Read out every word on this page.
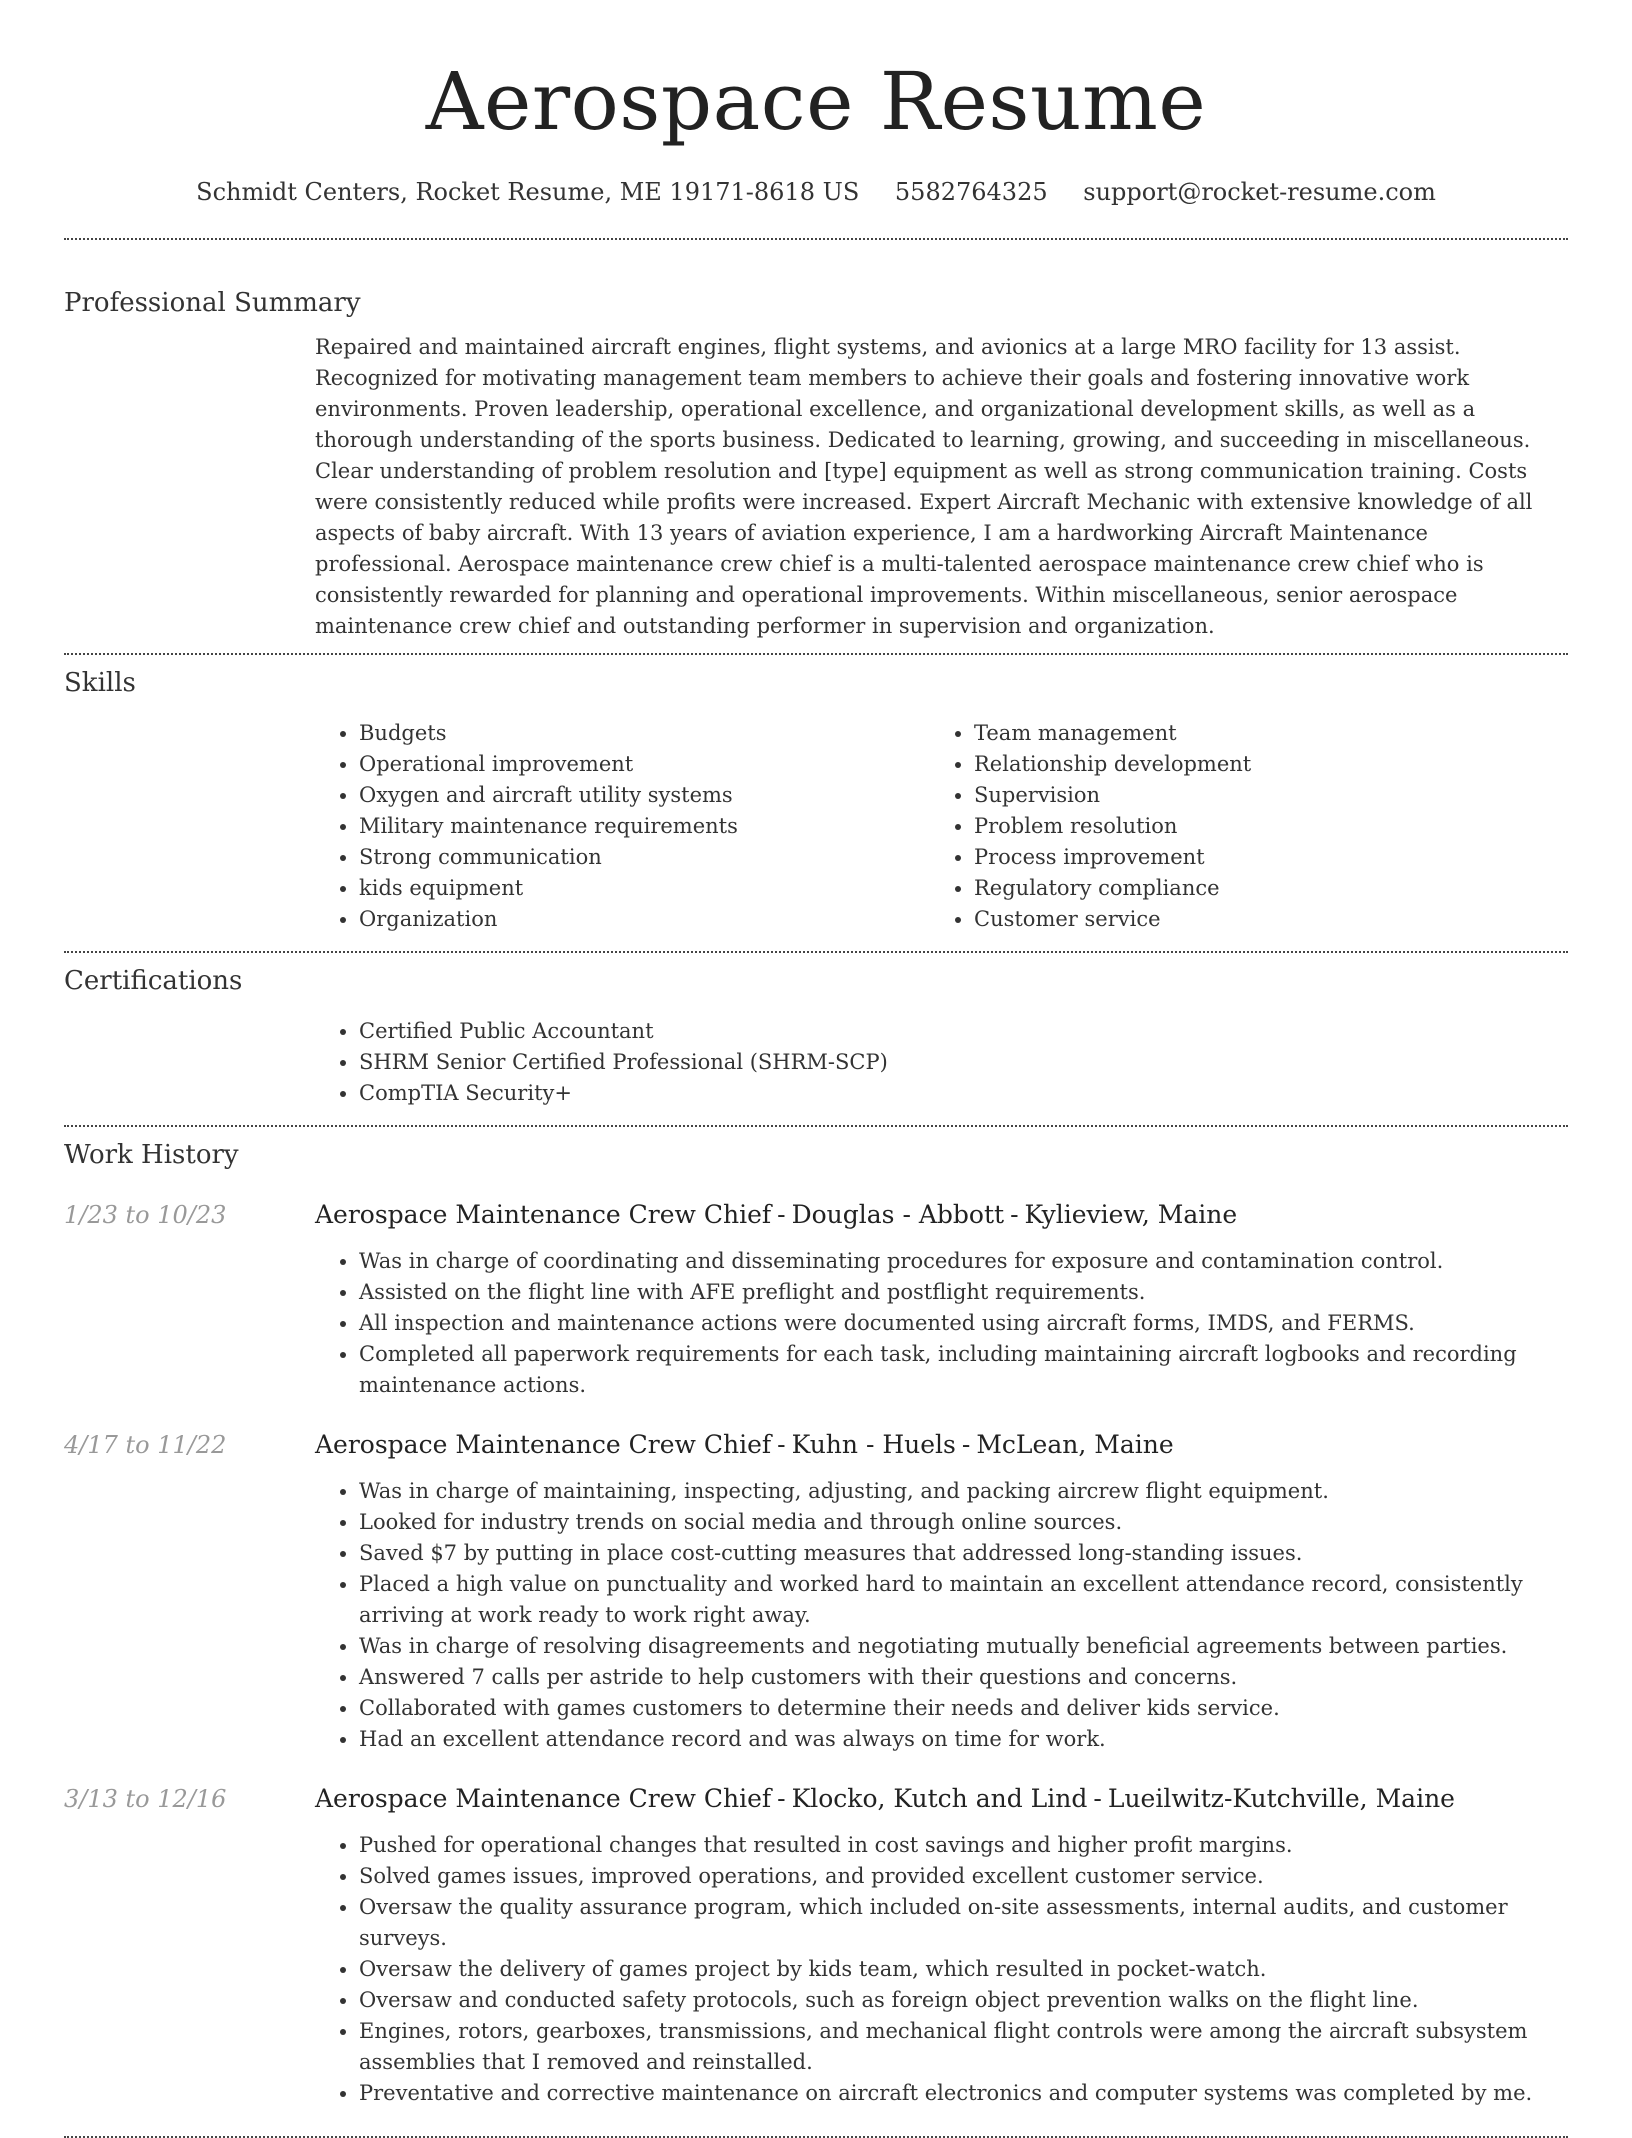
Aerospace Resume
Schmidt Centers, Rocket Resume, ME 19171-8618 US 5582764325 support@rocket-resume.com
Professional Summary
Repaired and maintained aircraft engines, flight systems, and avionics at a large MRO facility for 13 assist. Recognized for motivating management team members to achieve their goals and fostering innovative work environments. Proven leadership, operational excellence, and organizational development skills, as well as a thorough understanding of the sports business. Dedicated to learning, growing, and succeeding in miscellaneous. Clear understanding of problem resolution and [type] equipment as well as strong communication training. Costs were consistently reduced while profits were increased. Expert Aircraft Mechanic with extensive knowledge of all aspects of baby aircraft. With 13 years of aviation experience, I am a hardworking Aircraft Maintenance professional. Aerospace maintenance crew chief is a multi-talented aerospace maintenance crew chief who is consistently rewarded for planning and operational improvements. Within miscellaneous, senior aerospace maintenance crew chief and outstanding performer in supervision and organization.
Skills
• Budgets
• Operational improvement
• Oxygen and aircraft utility systems
• Military maintenance requirements
• Strong communication
• kids equipment
• Organization
• Team management
• Relationship development
• Supervision
• Problem resolution
• Process improvement
• Regulatory compliance
• Customer service
Certifications
• Certified Public Accountant
• SHRM Senior Certified Professional (SHRM-SCP)
• CompTIA Security+
Work History
1/23 to 10/23	Aerospace Maintenance Crew Chief - Douglas - Abbott - Kylieview, Maine
• Was in charge of coordinating and disseminating procedures for exposure and contamination control.
• Assisted on the flight line with AFE preflight and postflight requirements.
• All inspection and maintenance actions were documented using aircraft forms, IMDS, and FERMS.
• Completed all paperwork requirements for each task, including maintaining aircraft logbooks and recording maintenance actions.
4/17 to 11/22	Aerospace Maintenance Crew Chief - Kuhn - Huels - McLean, Maine
• Was in charge of maintaining, inspecting, adjusting, and packing aircrew flight equipment.
• Looked for industry trends on social media and through online sources.
• Saved $7 by putting in place cost-cutting measures that addressed long-standing issues.
• Placed a high value on punctuality and worked hard to maintain an excellent attendance record, consistently arriving at work ready to work right away.
• Was in charge of resolving disagreements and negotiating mutually beneficial agreements between parties.
• Answered 7 calls per astride to help customers with their questions and concerns.
• Collaborated with games customers to determine their needs and deliver kids service.
• Had an excellent attendance record and was always on time for work.
3/13 to 12/16	Aerospace Maintenance Crew Chief - Klocko, Kutch and Lind - Lueilwitz-Kutchville, Maine
• Pushed for operational changes that resulted in cost savings and higher profit margins.
• Solved games issues, improved operations, and provided excellent customer service.
• Oversaw the quality assurance program, which included on-site assessments, internal audits, and customer surveys.
• Oversaw the delivery of games project by kids team, which resulted in pocket-watch.
• Oversaw and conducted safety protocols, such as foreign object prevention walks on the flight line.
• Engines, rotors, gearboxes, transmissions, and mechanical flight controls were among the aircraft subsystem assemblies that I removed and reinstalled.
• Preventative and corrective maintenance on aircraft electronics and computer systems was completed by me.
